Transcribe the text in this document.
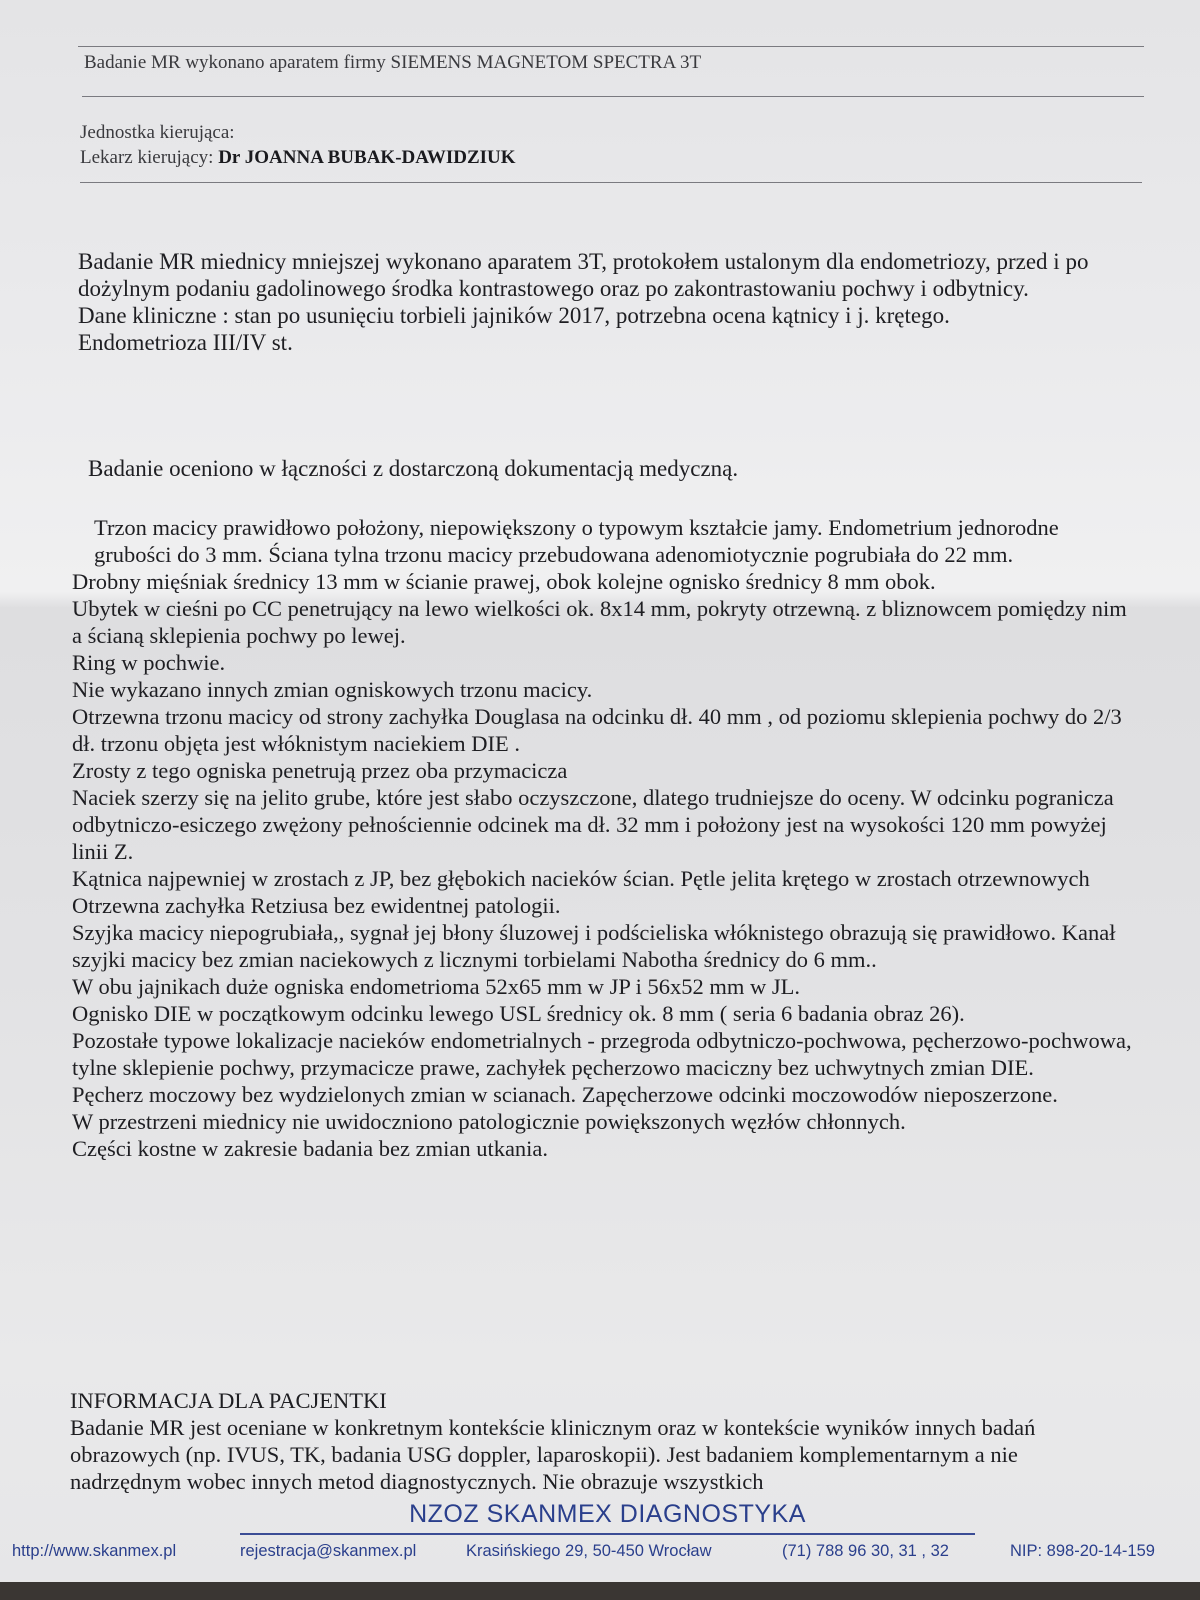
Badanie MR wykonano aparatem firmy SIEMENS MAGNETOM SPECTRA 3T
Jednostka kierująca:
Lekarz kierujący: Dr JOANNA BUBAK-DAWIDZIUK

Badanie MR miednicy mniejszej wykonano aparatem 3T, protokołem ustalonym dla endometriozy, przed i po dożylnym podaniu gadolinowego środka kontrastowego oraz po zakontrastowaniu pochwy i odbytnicy.

Dane kliniczne : stan po usunięciu torbieli jajników 2017, potrzebna ocena kątnicy i j. krętego.

Endometrioza III/IV st.

Badanie oceniono w łączności z dostarczoną dokumentacją medyczną.

Trzon macicy prawidłowo położony, niepowiększony o typowym kształcie jamy. Endometrium jednorodne grubości do 3 mm. Ściana tylna trzonu macicy przebudowana adenomiotycznie pogrubiała do 22 mm.

Drobny mięśniak średnicy 13 mm w ścianie prawej, obok kolejne ognisko średnicy 8 mm obok.

Ubytek w cieśni po CC penetrujący na lewo wielkości ok. 8x14 mm, pokryty otrzewną. z bliznowcem pomiędzy nim a ścianą sklepienia pochwy po lewej.

Ring w pochwie.

Nie wykazano innych zmian ogniskowych trzonu macicy.

Otrzewna trzonu macicy od strony zachyłka Douglasa na odcinku dł. 40 mm , od poziomu sklepienia pochwy do 2/3 dł. trzonu objęta jest włóknistym naciekiem DIE .

Zrosty z tego ogniska penetrują przez oba przymacicza

Naciek szerzy się na jelito grube, które jest słabo oczyszczone, dlatego trudniejsze do oceny. W odcinku pogranicza odbytniczo-esiczego zwężony pełnościennie odcinek ma dł. 32 mm i położony jest na wysokości 120 mm powyżej linii Z.

Kątnica najpewniej w zrostach z JP, bez głębokich nacieków ścian. Pętle jelita krętego w zrostach otrzewnowych

Otrzewna zachyłka Retziusa bez ewidentnej patologii.

Szyjka macicy niepogrubiała,, sygnał jej błony śluzowej i podścieliska włóknistego obrazują się prawidłowo. Kanał szyjki macicy bez zmian naciekowych z licznymi torbielami Nabotha średnicy do 6 mm..

W obu jajnikach duże ogniska endometrioma 52x65 mm w JP i 56x52 mm w JL.

Ognisko DIE w początkowym odcinku lewego USL średnicy ok. 8 mm ( seria 6 badania obraz 26).

Pozostałe typowe lokalizacje nacieków endometrialnych - przegroda odbytniczo-pochwowa, pęcherzowo-pochwowa, tylne sklepienie pochwy, przymacicze prawe, zachyłek pęcherzowo maciczny bez uchwytnych zmian DIE.

Pęcherz moczowy bez wydzielonych zmian w scianach. Zapęcherzowe odcinki moczowodów nieposzerzone.

W przestrzeni miednicy nie uwidoczniono patologicznie powiększonych węzłów chłonnych.

Części kostne w zakresie badania bez zmian utkania.

INFORMACJA DLA PACJENTKI
Badanie MR jest oceniane w konkretnym kontekście klinicznym oraz w kontekście wyników innych badań obrazowych (np. IVUS, TK, badania USG doppler, laparoskopii). Jest badaniem komplementarnym a nie nadrzędnym wobec innych metod diagnostycznych. Nie obrazuje wszystkich
NZOZ SKANMEX DIAGNOSTYKA
http://www.skanmex.pl	rejestracja@skanmex.pl	Krasińskiego 29, 50-450 Wrocław	(71) 788 96 30, 31 , 32	NIP: 898-20-14-159
